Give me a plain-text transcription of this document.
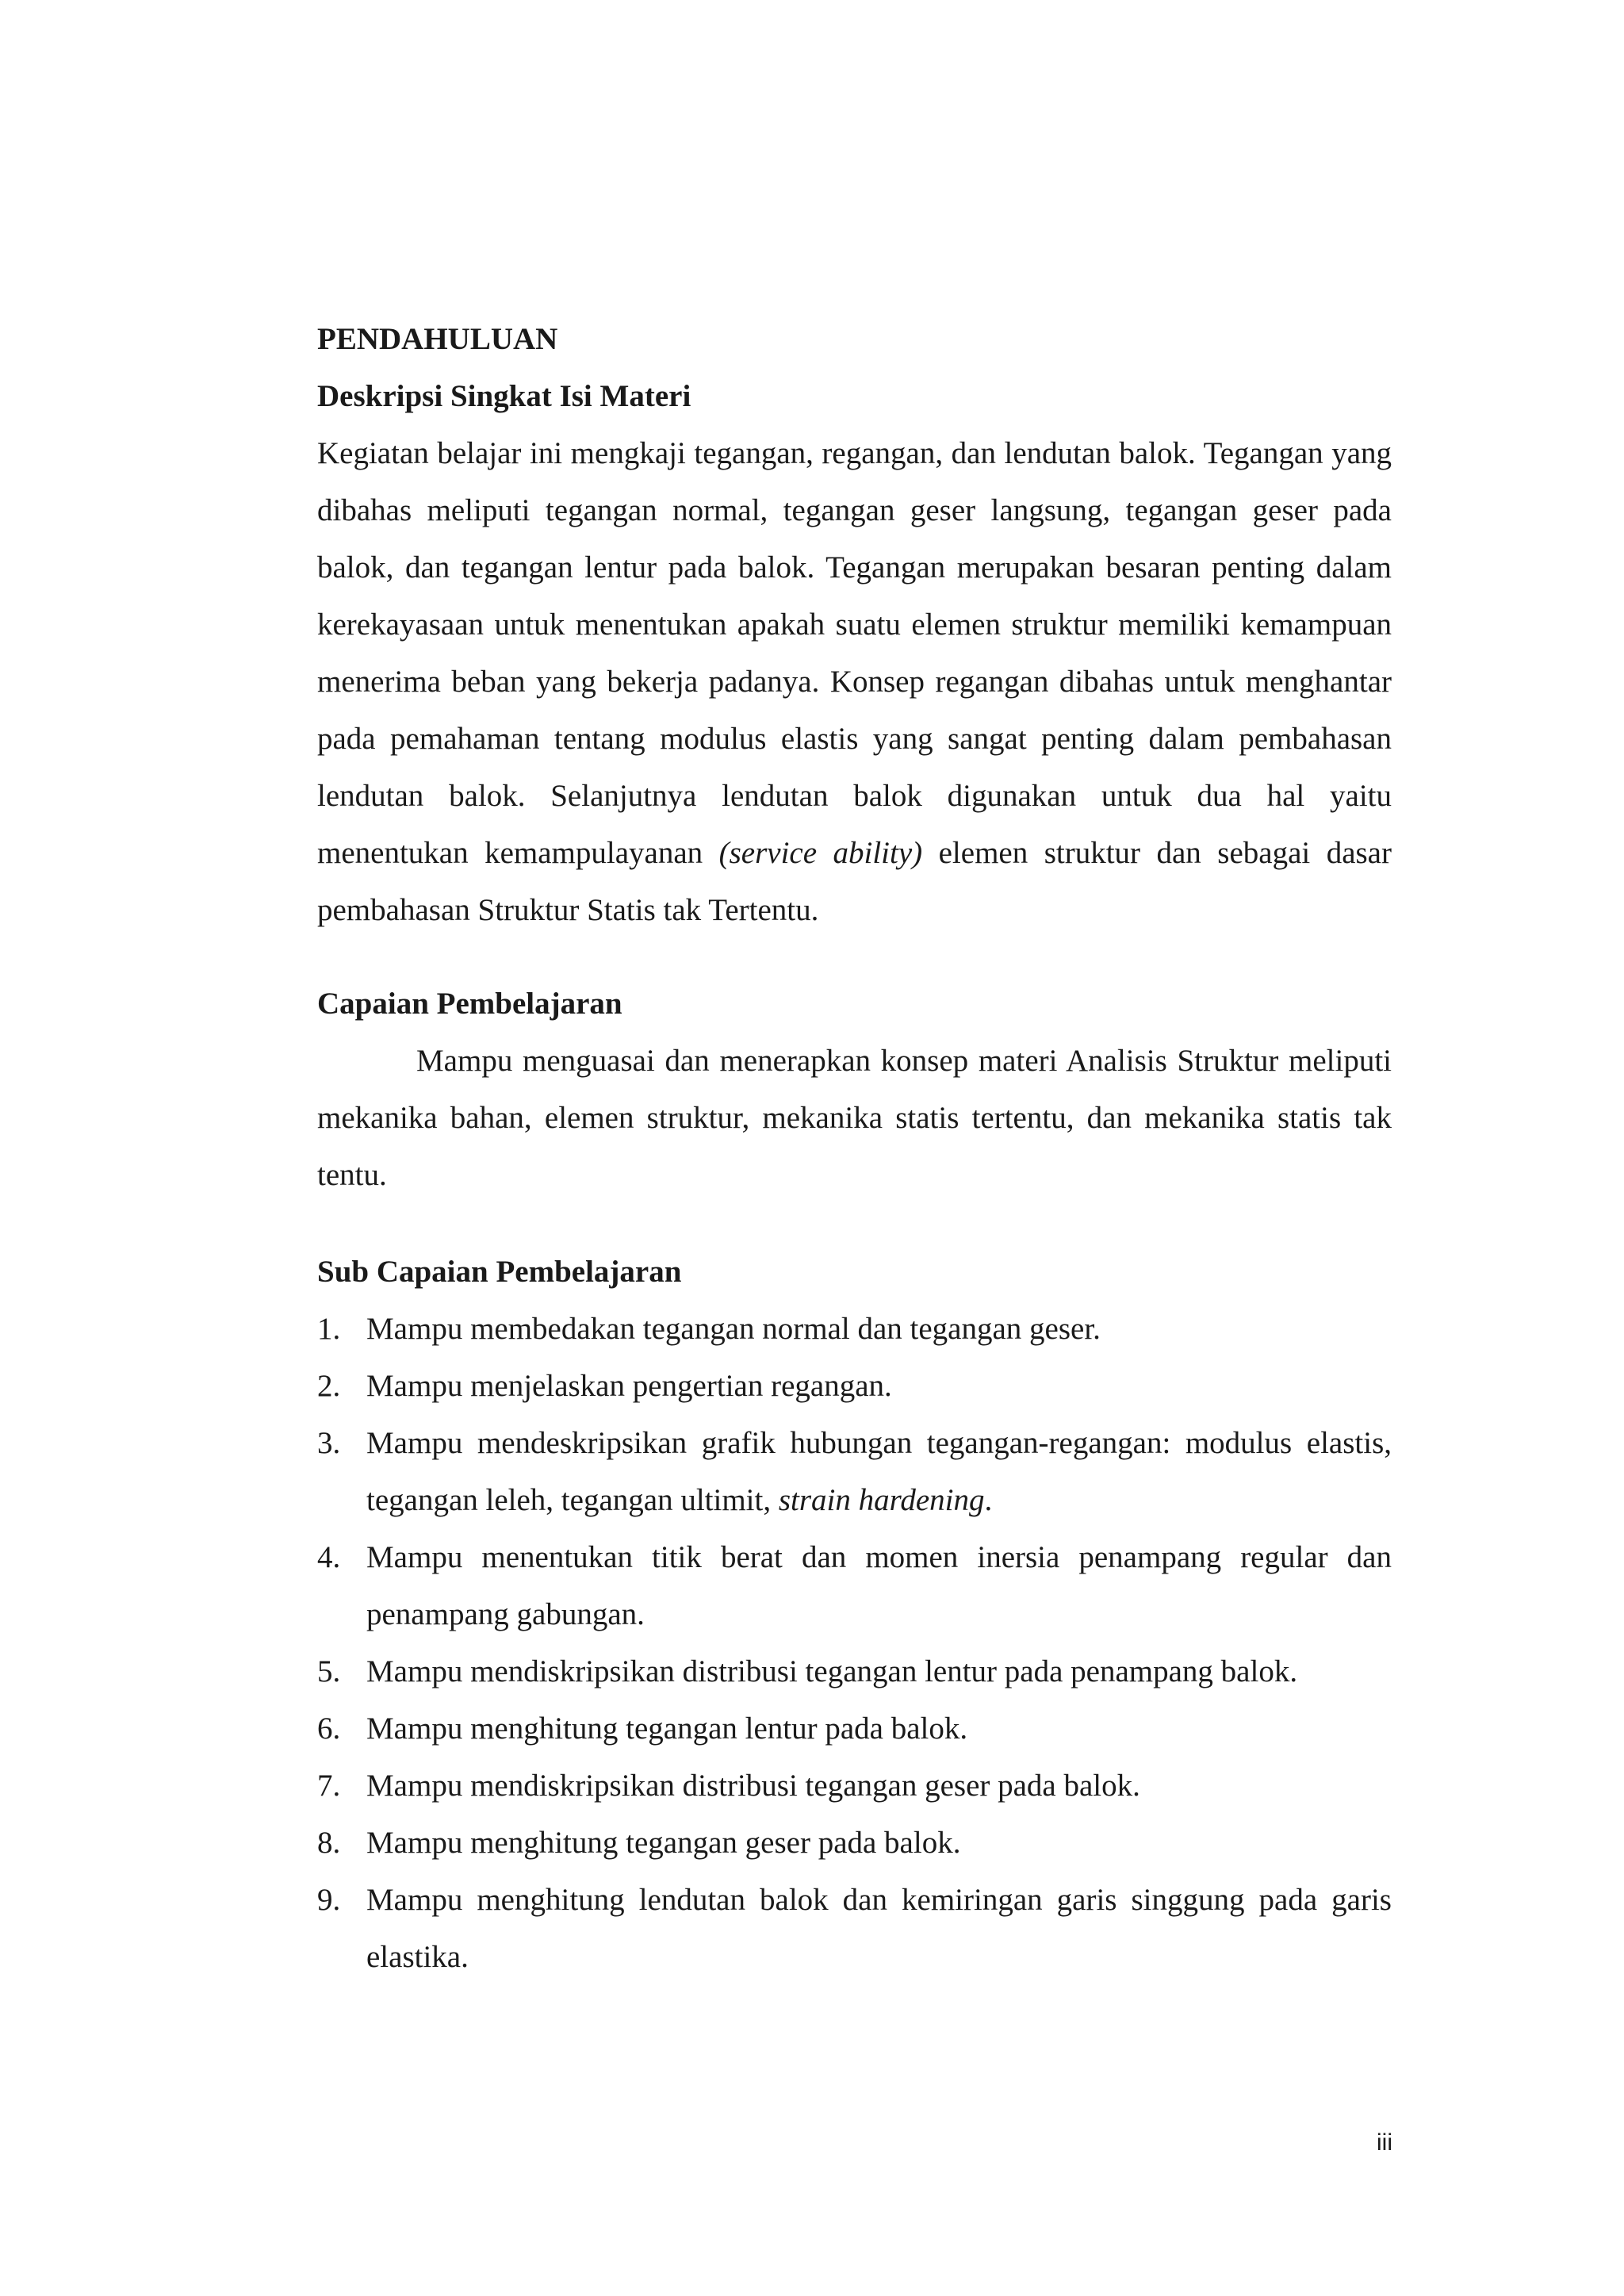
PENDAHULUAN

Deskripsi Singkat Isi Materi

Kegiatan belajar ini mengkaji tegangan, regangan, dan lendutan balok. Tegangan yang dibahas meliputi tegangan normal, tegangan geser langsung, tegangan geser pada balok, dan tegangan lentur pada balok. Tegangan merupakan besaran penting dalam kerekayasaan untuk menentukan apakah suatu elemen struktur memiliki kemampuan menerima beban yang bekerja padanya. Konsep regangan dibahas untuk menghantar pada pemahaman tentang modulus elastis yang sangat penting dalam pembahasan lendutan balok. Selanjutnya lendutan balok digunakan untuk dua hal yaitu menentukan kemampulayanan (service ability) elemen struktur dan sebagai dasar pembahasan Struktur Statis tak Tertentu.

Capaian Pembelajaran

Mampu menguasai dan menerapkan konsep materi Analisis Struktur meliputi mekanika bahan, elemen struktur, mekanika statis tertentu, dan mekanika statis tak tentu.

Sub Capaian Pembelajaran

1. Mampu membedakan tegangan normal dan tegangan geser.
2. Mampu menjelaskan pengertian regangan.
3. Mampu mendeskripsikan grafik hubungan tegangan-regangan: modulus elastis, tegangan leleh, tegangan ultimit, strain hardening.
4. Mampu menentukan titik berat dan momen inersia penampang regular dan penampang gabungan.
5. Mampu mendiskripsikan distribusi tegangan lentur pada penampang balok.
6. Mampu menghitung tegangan lentur pada balok.
7. Mampu mendiskripsikan distribusi tegangan geser pada balok.
8. Mampu menghitung tegangan geser pada balok.
9. Mampu menghitung lendutan balok dan kemiringan garis singgung pada garis elastika.
iii
